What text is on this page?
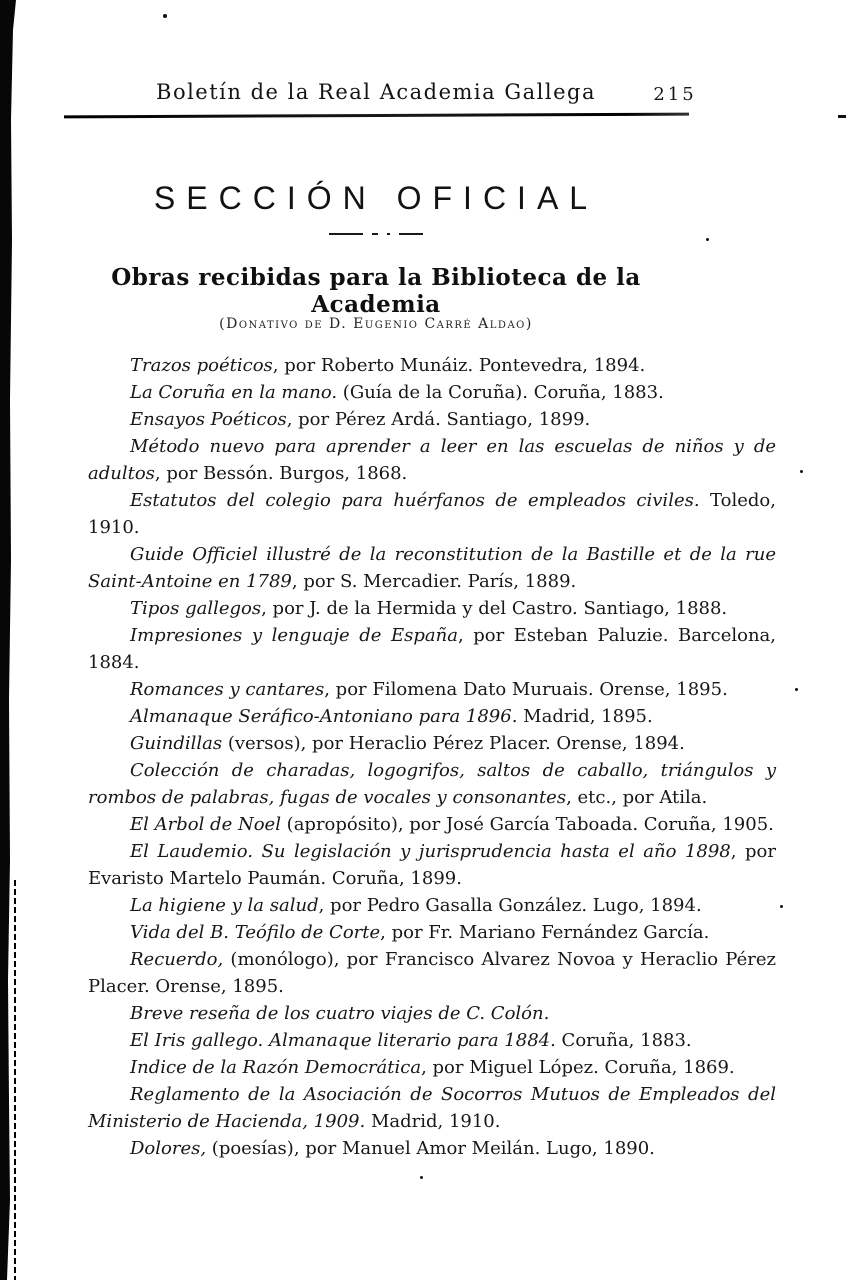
Boletín de la Real Academia Gallega	215
SECCIÓN OFICIAL
Obras recibidas para la Biblioteca de la Academia
(Donativo de D. Eugenio Carré Aldao)

Trazos poéticos, por Roberto Munáiz. Pontevedra, 1894.

La Coruña en la mano. (Guía de la Coruña). Coruña, 1883.

Ensayos Poéticos, por Pérez Ardá. Santiago, 1899.

Método nuevo para aprender a leer en las escuelas de niños y de adultos, por Bessón. Burgos, 1868.

Estatutos del colegio para huérfanos de empleados civiles. Toledo, 1910.

Guide Officiel illustré de la reconstitution de la Bastille et de la rue Saint-Antoine en 1789, por S. Mercadier. París, 1889.

Tipos gallegos, por J. de la Hermida y del Castro. Santiago, 1888.

Impresiones y lenguaje de España, por Esteban Paluzie. Barcelona, 1884.

Romances y cantares, por Filomena Dato Muruais. Orense, 1895.

Almanaque Seráfico-Antoniano para 1896. Madrid, 1895.

Guindillas (versos), por Heraclio Pérez Placer. Orense, 1894.

Colección de charadas, logogrifos, saltos de caballo, triángulos y rombos de palabras, fugas de vocales y consonantes, etc., por Atila.

El Arbol de Noel (apropósito), por José García Taboada. Coruña, 1905.

El Laudemio. Su legislación y jurisprudencia hasta el año 1898, por Evaristo Martelo Paumán. Coruña, 1899.

La higiene y la salud, por Pedro Gasalla González. Lugo, 1894.

Vida del B. Teófilo de Corte, por Fr. Mariano Fernández García.

Recuerdo, (monólogo), por Francisco Alvarez Novoa y Heraclio Pérez Placer. Orense, 1895.

Breve reseña de los cuatro viajes de C. Colón.

El Iris gallego. Almanaque literario para 1884. Coruña, 1883.

Indice de la Razón Democrática, por Miguel López. Coruña, 1869.

Reglamento de la Asociación de Socorros Mutuos de Empleados del Ministerio de Hacienda, 1909. Madrid, 1910.

Dolores, (poesías), por Manuel Amor Meilán. Lugo, 1890.
